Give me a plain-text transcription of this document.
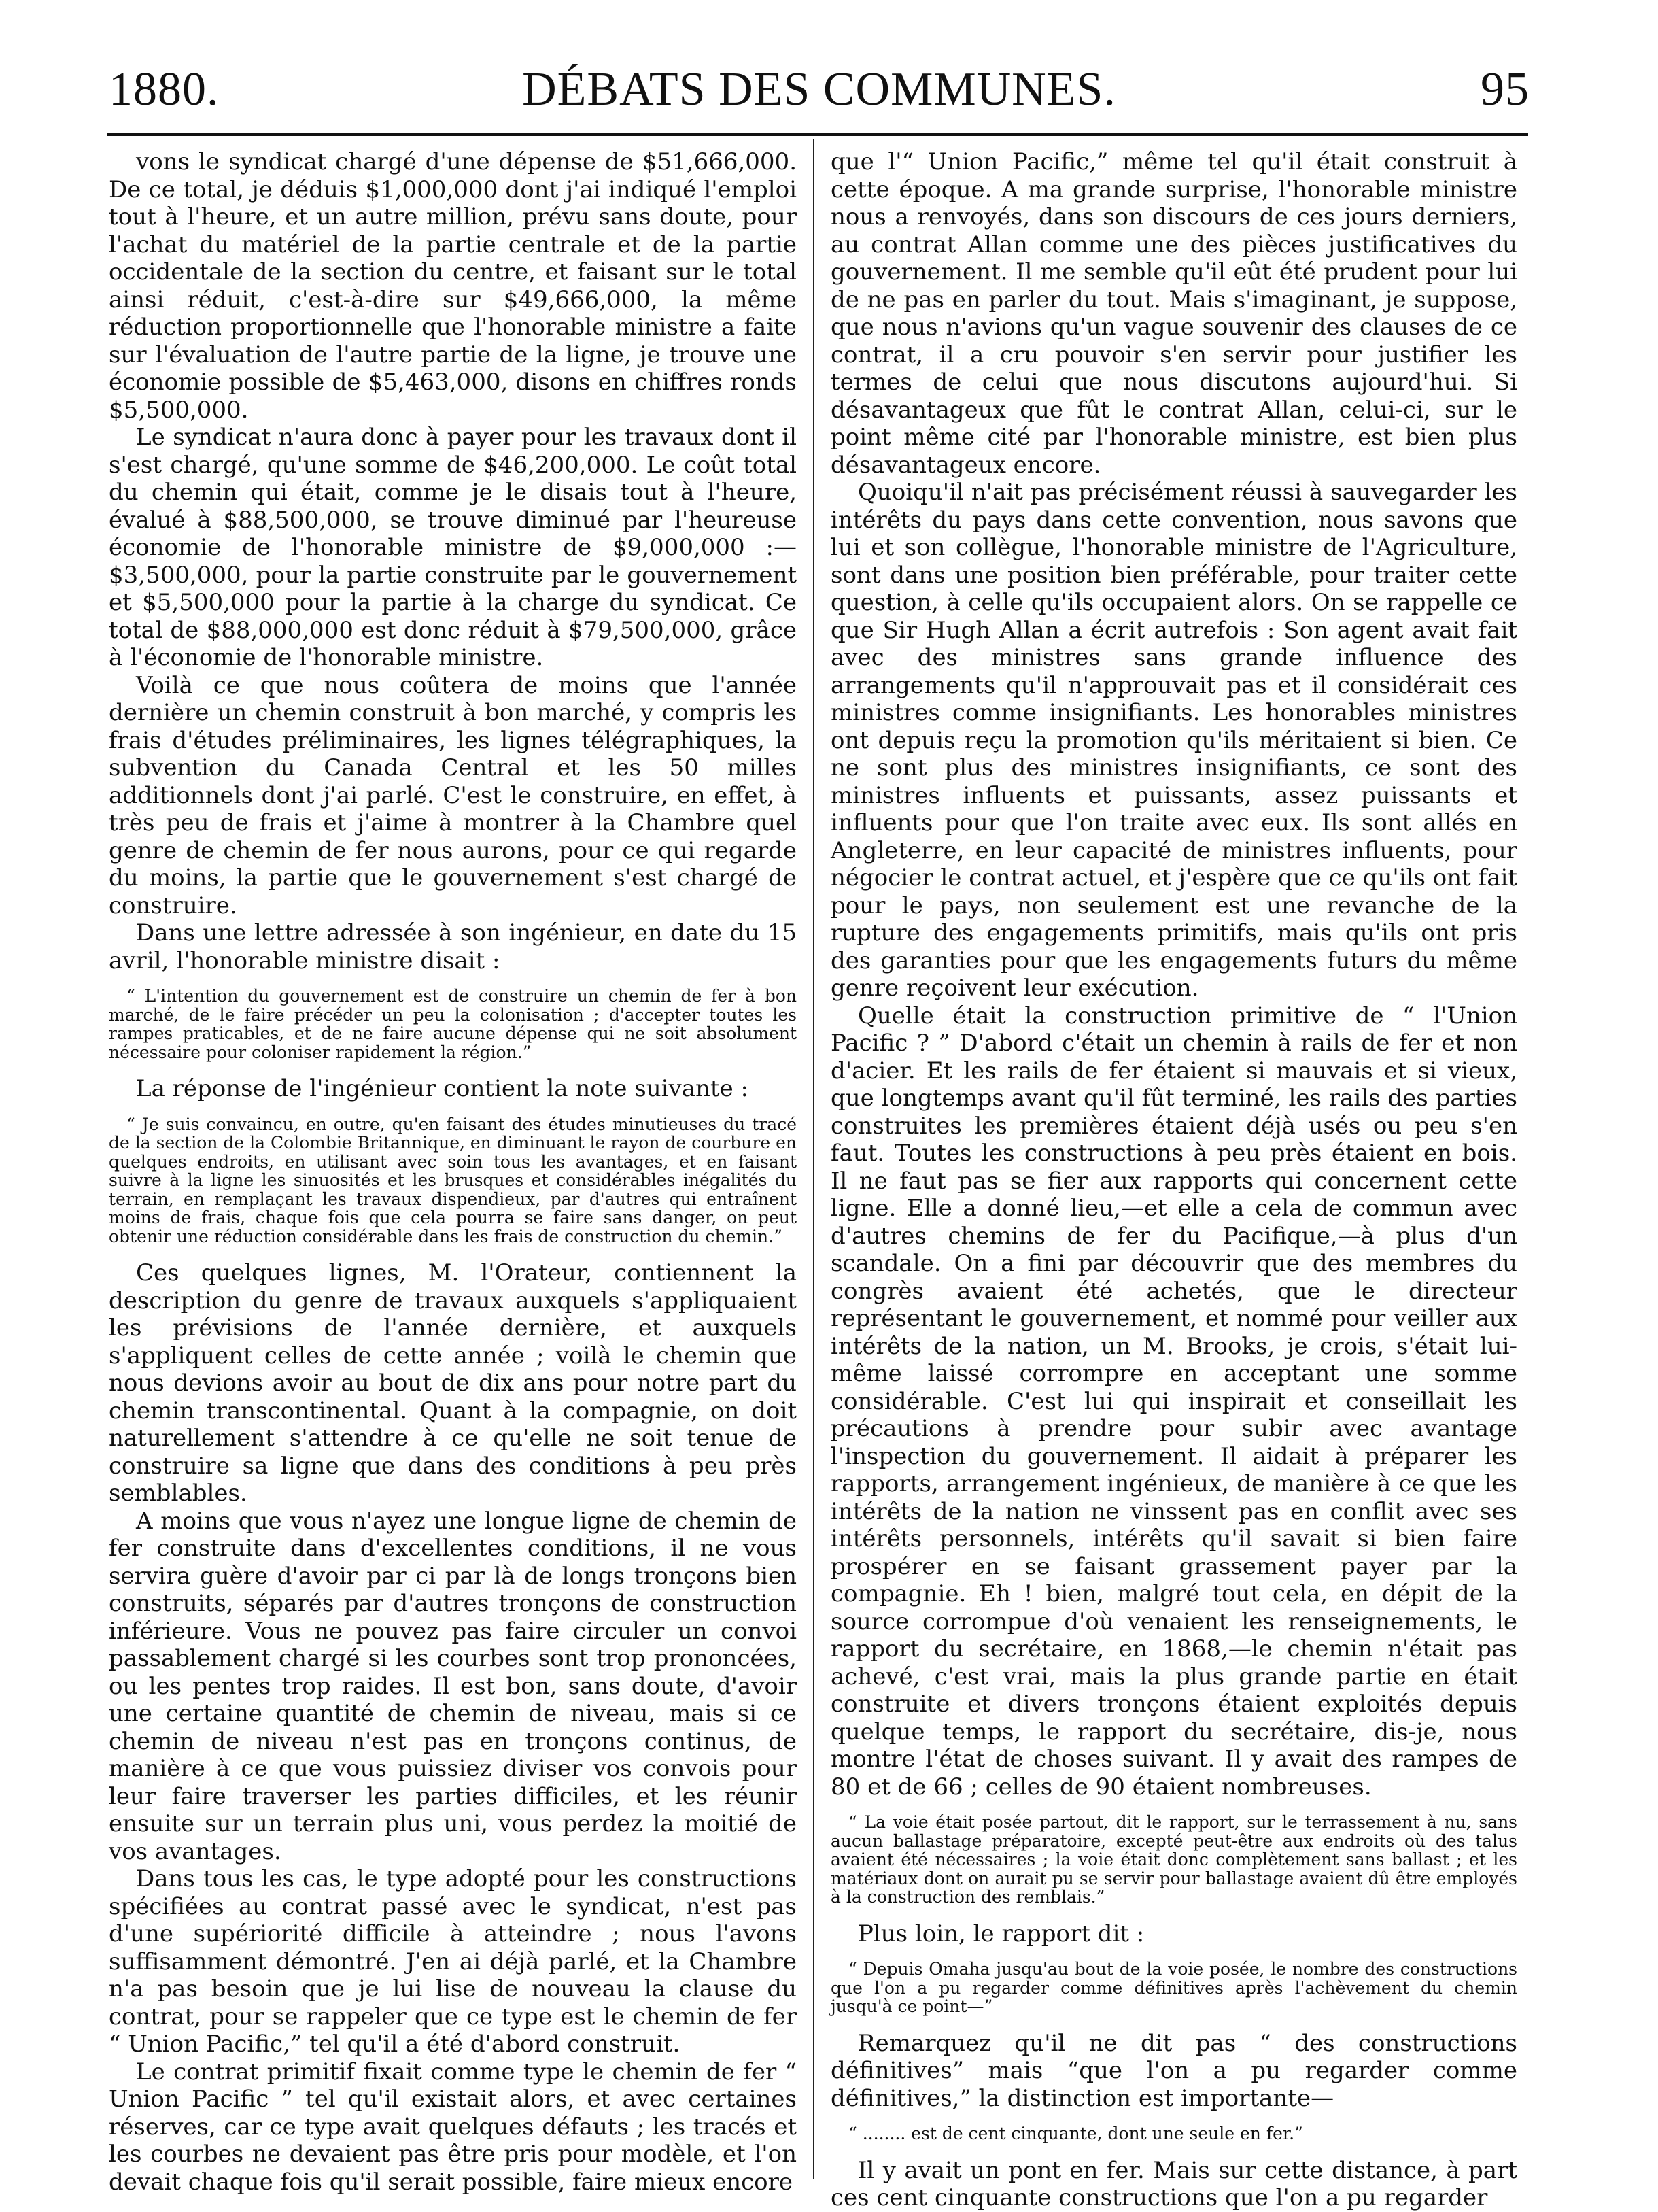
1880.	DÉBATS DES COMMUNES.	95

vons le syndicat chargé d'une dépense de $51,666,000. De ce total, je déduis $1,000,000 dont j'ai indiqué l'emploi tout à l'heure, et un autre million, prévu sans doute, pour l'achat du matériel de la partie centrale et de la partie occidentale de la section du centre, et faisant sur le total ainsi réduit, c'est-à-dire sur $49,666,000, la même réduction proportionnelle que l'honorable ministre a faite sur l'évaluation de l'autre partie de la ligne, je trouve une économie possible de $5,463,000, disons en chiffres ronds $5,500,000.

Le syndicat n'aura donc à payer pour les travaux dont il s'est chargé, qu'une somme de $46,200,000. Le coût total du chemin qui était, comme je le disais tout à l'heure, évalué à $88,500,000, se trouve diminué par l'heureuse économie de l'honorable ministre de $9,000,000 :—$3,500,000, pour la partie construite par le gouvernement et $5,500,000 pour la partie à la charge du syndicat. Ce total de $88,000,000 est donc réduit à $79,500,000, grâce à l'économie de l'honorable ministre.

Voilà ce que nous coûtera de moins que l'année dernière un chemin construit à bon marché, y compris les frais d'études préliminaires, les lignes télégraphiques, la subvention du Canada Central et les 50 milles additionnels dont j'ai parlé. C'est le construire, en effet, à très peu de frais et j'aime à montrer à la Chambre quel genre de chemin de fer nous aurons, pour ce qui regarde du moins, la partie que le gouvernement s'est chargé de construire.

Dans une lettre adressée à son ingénieur, en date du 15 avril, l'honorable ministre disait :

“ L'intention du gouvernement est de construire un chemin de fer à bon marché, de le faire précéder un peu la colonisation ; d'accepter toutes les rampes praticables, et de ne faire aucune dépense qui ne soit absolument nécessaire pour coloniser rapidement la région.”

La réponse de l'ingénieur contient la note suivante :

“ Je suis convaincu, en outre, qu'en faisant des études minutieuses du tracé de la section de la Colombie Britannique, en diminuant le rayon de courbure en quelques endroits, en utilisant avec soin tous les avantages, et en faisant suivre à la ligne les sinuosités et les brusques et considérables inégalités du terrain, en remplaçant les travaux dispendieux, par d'autres qui entraînent moins de frais, chaque fois que cela pourra se faire sans danger, on peut obtenir une réduction considérable dans les frais de construction du chemin.”

Ces quelques lignes, M. l'Orateur, contiennent la description du genre de travaux auxquels s'appliquaient les prévisions de l'année dernière, et auxquels s'appliquent celles de cette année ; voilà le chemin que nous devions avoir au bout de dix ans pour notre part du chemin transcontinental. Quant à la compagnie, on doit naturellement s'attendre à ce qu'elle ne soit tenue de construire sa ligne que dans des conditions à peu près semblables.

A moins que vous n'ayez une longue ligne de chemin de fer construite dans d'excellentes conditions, il ne vous servira guère d'avoir par ci par là de longs tronçons bien construits, séparés par d'autres tronçons de construction inférieure. Vous ne pouvez pas faire circuler un convoi passablement chargé si les courbes sont trop prononcées, ou les pentes trop raides. Il est bon, sans doute, d'avoir une certaine quantité de chemin de niveau, mais si ce chemin de niveau n'est pas en tronçons continus, de manière à ce que vous puissiez diviser vos convois pour leur faire traverser les parties difficiles, et les réunir ensuite sur un terrain plus uni, vous perdez la moitié de vos avantages.

Dans tous les cas, le type adopté pour les constructions spécifiées au contrat passé avec le syndicat, n'est pas d'une supériorité difficile à atteindre ; nous l'avons suffisamment démontré. J'en ai déjà parlé, et la Chambre n'a pas besoin que je lui lise de nouveau la clause du contrat, pour se rappeler que ce type est le chemin de fer “ Union Pacific,” tel qu'il a été d'abord construit.

Le contrat primitif fixait comme type le chemin de fer “ Union Pacific ” tel qu'il existait alors, et avec certaines réserves, car ce type avait quelques défauts ; les tracés et les courbes ne devaient pas être pris pour modèle, et l'on devait chaque fois qu'il serait possible, faire mieux encore

que l'“ Union Pacific,” même tel qu'il était construit à cette époque. A ma grande surprise, l'honorable ministre nous a renvoyés, dans son discours de ces jours derniers, au contrat Allan comme une des pièces justificatives du gouvernement. Il me semble qu'il eût été prudent pour lui de ne pas en parler du tout. Mais s'imaginant, je suppose, que nous n'avions qu'un vague souvenir des clauses de ce contrat, il a cru pouvoir s'en servir pour justifier les termes de celui que nous discutons aujourd'hui. Si désavantageux que fût le contrat Allan, celui-ci, sur le point même cité par l'honorable ministre, est bien plus désavantageux encore.

Quoiqu'il n'ait pas précisément réussi à sauvegarder les intérêts du pays dans cette convention, nous savons que lui et son collègue, l'honorable ministre de l'Agriculture, sont dans une position bien préférable, pour traiter cette question, à celle qu'ils occupaient alors. On se rappelle ce que Sir Hugh Allan a écrit autrefois : Son agent avait fait avec des ministres sans grande influence des arrangements qu'il n'approuvait pas et il considérait ces ministres comme insignifiants. Les honorables ministres ont depuis reçu la promotion qu'ils méritaient si bien. Ce ne sont plus des ministres insignifiants, ce sont des ministres influents et puissants, assez puissants et influents pour que l'on traite avec eux. Ils sont allés en Angleterre, en leur capacité de ministres influents, pour négocier le contrat actuel, et j'espère que ce qu'ils ont fait pour le pays, non seulement est une revanche de la rupture des engagements primitifs, mais qu'ils ont pris des garanties pour que les engagements futurs du même genre reçoivent leur exécution.

Quelle était la construction primitive de “ l'Union Pacific ? ” D'abord c'était un chemin à rails de fer et non d'acier. Et les rails de fer étaient si mauvais et si vieux, que longtemps avant qu'il fût terminé, les rails des parties construites les premières étaient déjà usés ou peu s'en faut. Toutes les constructions à peu près étaient en bois. Il ne faut pas se fier aux rapports qui concernent cette ligne. Elle a donné lieu,—et elle a cela de commun avec d'autres chemins de fer du Pacifique,—à plus d'un scandale. On a fini par découvrir que des membres du congrès avaient été achetés, que le directeur représentant le gouvernement, et nommé pour veiller aux intérêts de la nation, un M. Brooks, je crois, s'était lui-même laissé corrompre en acceptant une somme considérable. C'est lui qui inspirait et conseillait les précautions à prendre pour subir avec avantage l'inspection du gouvernement. Il aidait à préparer les rapports, arrangement ingénieux, de manière à ce que les intérêts de la nation ne vinssent pas en conflit avec ses intérêts personnels, intérêts qu'il savait si bien faire prospérer en se faisant grassement payer par la compagnie. Eh ! bien, malgré tout cela, en dépit de la source corrompue d'où venaient les renseignements, le rapport du secrétaire, en 1868,—le chemin n'était pas achevé, c'est vrai, mais la plus grande partie en était construite et divers tronçons étaient exploités depuis quelque temps, le rapport du secrétaire, dis-je, nous montre l'état de choses suivant. Il y avait des rampes de 80 et de 66 ; celles de 90 étaient nombreuses.

“ La voie était posée partout, dit le rapport, sur le terrassement à nu, sans aucun ballastage préparatoire, excepté peut-être aux endroits où des talus avaient été nécessaires ; la voie était donc complètement sans ballast ; et les matériaux dont on aurait pu se servir pour ballastage avaient dû être employés à la construction des remblais.”

Plus loin, le rapport dit :

“ Depuis Omaha jusqu'au bout de la voie posée, le nombre des constructions que l'on a pu regarder comme définitives après l'achèvement du chemin jusqu'à ce point—”

Remarquez qu'il ne dit pas “ des constructions définitives” mais “que l'on a pu regarder comme définitives,” la distinction est importante—

“ ........ est de cent cinquante, dont une seule en fer.”

Il y avait un pont en fer. Mais sur cette distance, à part ces cent cinquante constructions que l'on a pu regarder
